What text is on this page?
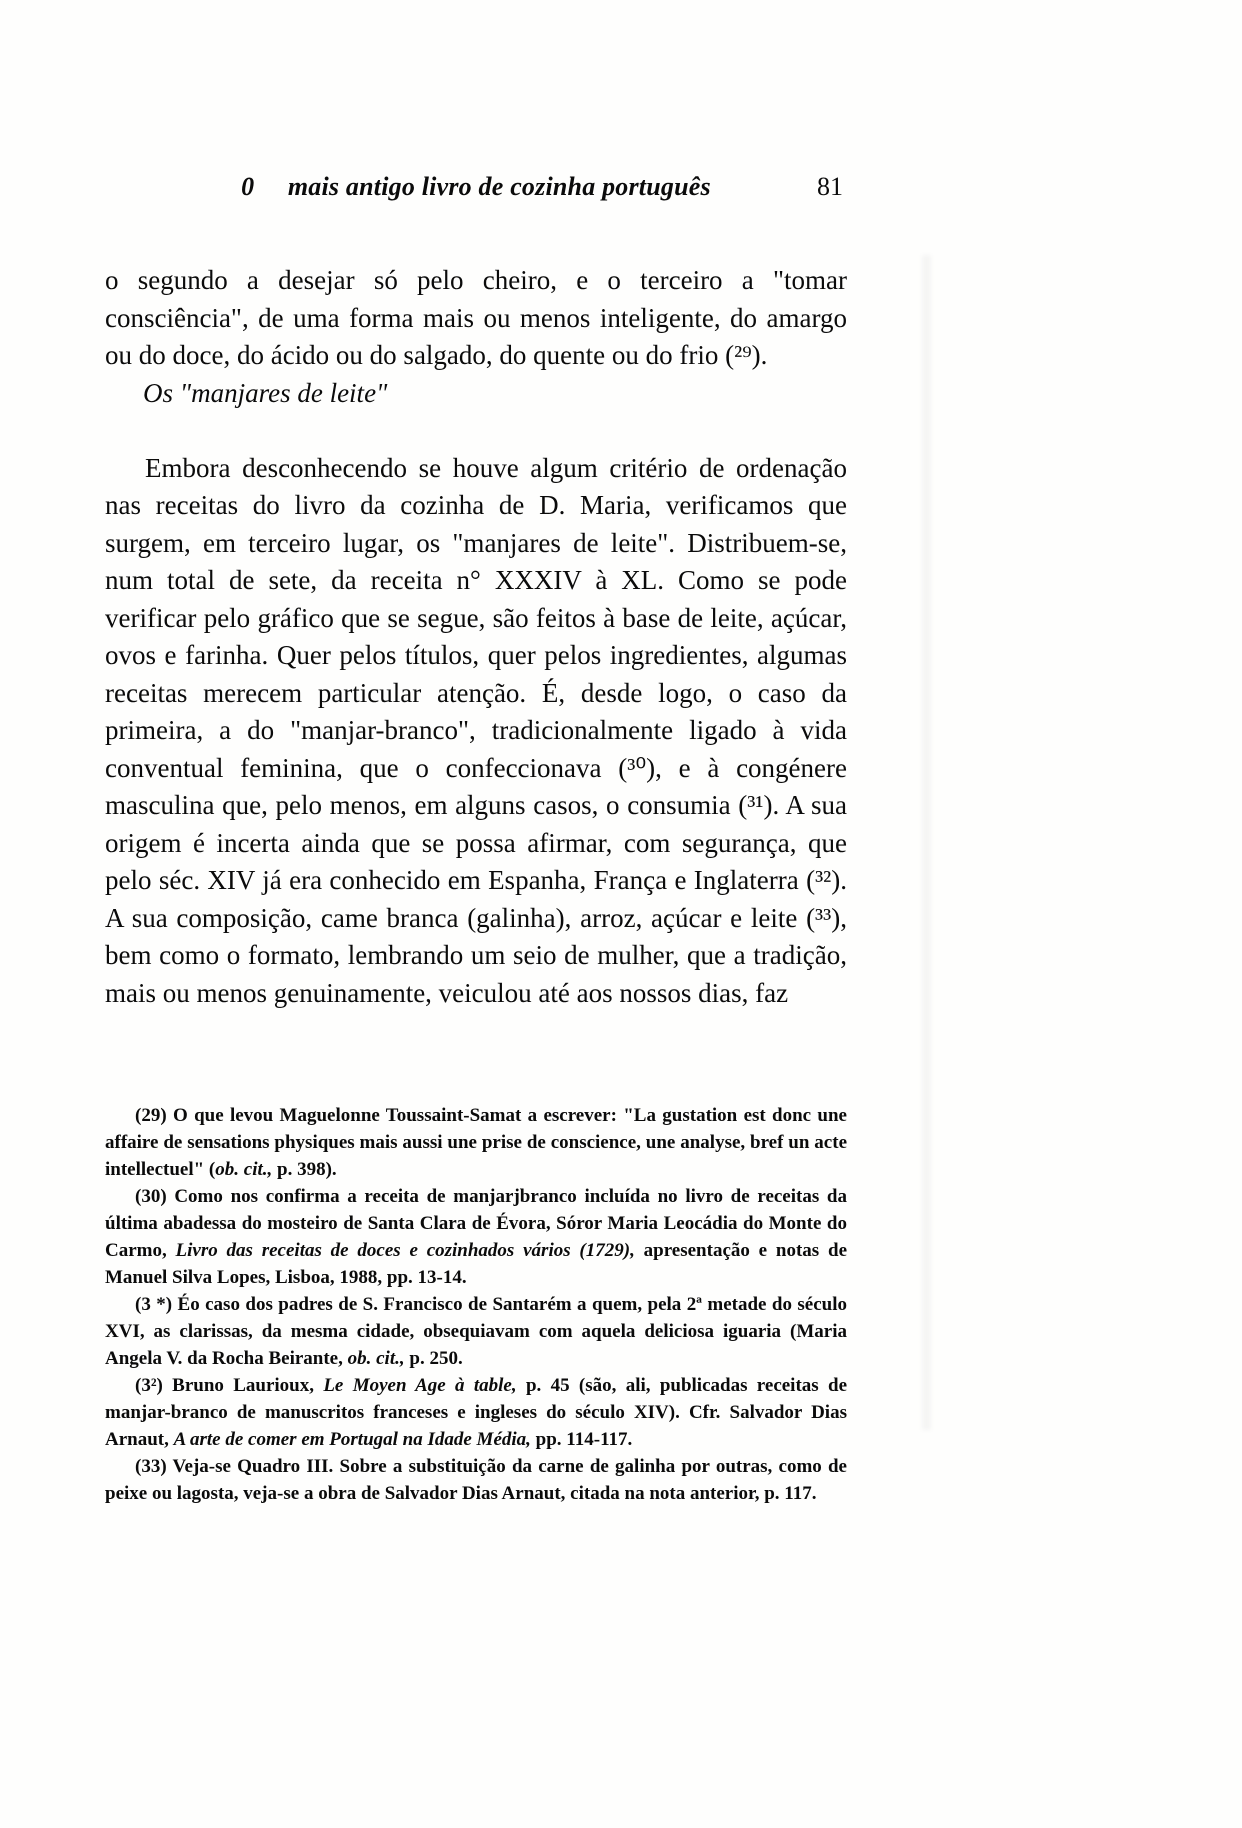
0     mais antigo livro de cozinha português	81

o segundo a desejar só pelo cheiro, e o terceiro a "tomar consciência", de uma forma mais ou menos inteligente, do amargo ou do doce, do ácido ou do salgado, do quente ou do frio (²⁹).

Os "manjares de leite"

Embora desconhecendo se houve algum critério de ordenação nas receitas do livro da cozinha de D. Maria, verificamos que surgem, em terceiro lugar, os "manjares de leite". Distribuem-se, num total de sete, da receita n° XXXIV à XL. Como se pode verificar pelo gráfico que se segue, são feitos à base de leite, açúcar, ovos e farinha. Quer pelos títulos, quer pelos ingredientes, algumas receitas merecem particular atenção. É, desde logo, o caso da primeira, a do "manjar-branco", tradicionalmente ligado à vida conventual feminina, que o confeccionava (³⁰), e à congénere masculina que, pelo menos, em alguns casos, o consumia (³¹). A sua origem é incerta ainda que se possa afirmar, com segurança, que pelo séc. XIV já era conhecido em Espanha, França e Inglaterra (³²). A sua composição, came branca (galinha), arroz, açúcar e leite (³³), bem como o formato, lembrando um seio de mulher, que a tradição, mais ou menos genuinamente, veiculou até aos nossos dias, faz

(29) O que levou Maguelonne Toussaint-Samat a escrever: "La gustation est donc une affaire de sensations physiques mais aussi une prise de conscience, une analyse, bref un acte intellectuel" (ob. cit., p. 398).

(30) Como nos confirma a receita de manjarjbranco incluída no livro de receitas da última abadessa do mosteiro de Santa Clara de Évora, Sóror Maria Leocádia do Monte do Carmo, Livro das receitas de doces e cozinhados vários (1729), apresentação e notas de Manuel Silva Lopes, Lisboa, 1988, pp. 13-14.

(3 *) Éo caso dos padres de S. Francisco de Santarém a quem, pela 2ª metade do século XVI, as clarissas, da mesma cidade, obsequiavam com aquela deliciosa iguaria (Maria Angela V. da Rocha Beirante, ob. cit., p. 250.

(3²) Bruno Laurioux, Le Moyen Age à table, p. 45 (são, ali, publicadas receitas de manjar-branco de manuscritos franceses e ingleses do século XIV). Cfr. Salvador Dias Arnaut, A arte de comer em Portugal na Idade Média, pp. 114-117.

(33) Veja-se Quadro III. Sobre a substituição da carne de galinha por outras, como de peixe ou lagosta, veja-se a obra de Salvador Dias Arnaut, citada na nota anterior, p. 117.
